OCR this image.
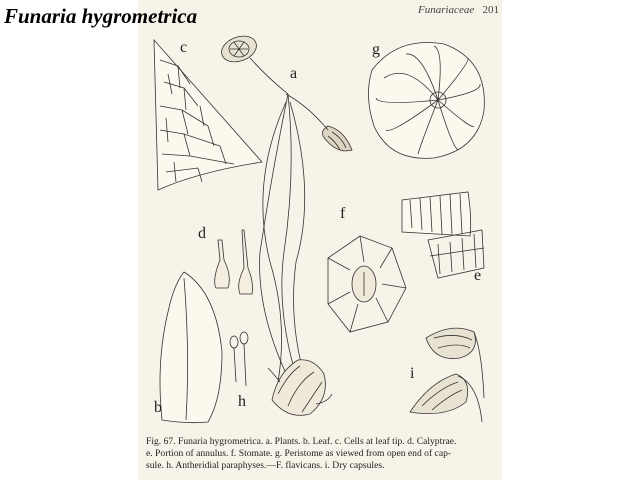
Funaria hygrometrica	Funariaceae 201
c
a
g
d
f
e
b	h
i

Fig. 67. Funaria hygrometrica. a. Plants. b. Leaf. c. Cells at leaf tip. d. Calyptrae.

e. Portion of annulus. f. Stomate. g. Peristome as viewed from open end of cap-

sule. h. Antheridial paraphyses.—F. flavicans. i. Dry capsules.
